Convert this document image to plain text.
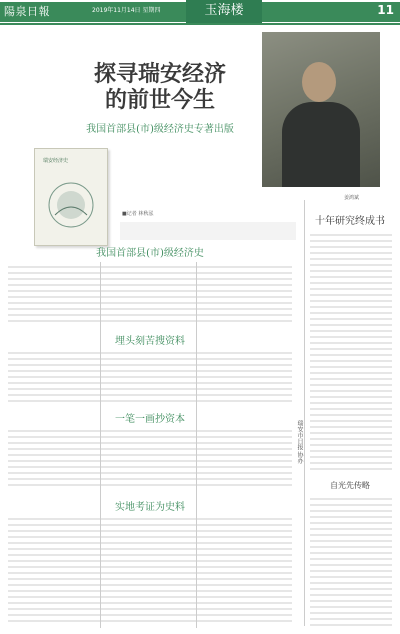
陽泉日報	2019年11月14日 星期四	玉海楼	11
探寻瑞安经济
的前世今生
我国首部县(市)级经济史专著出版
瑞安经济史
姜鸿斌
■记者 林秋泓

我国首部县(市)级经济史
埋头刻苦搜资料
一笔一画抄资本
实地考证为史料
十年研究终成书
自光先传略
瑞安市日报 协办
